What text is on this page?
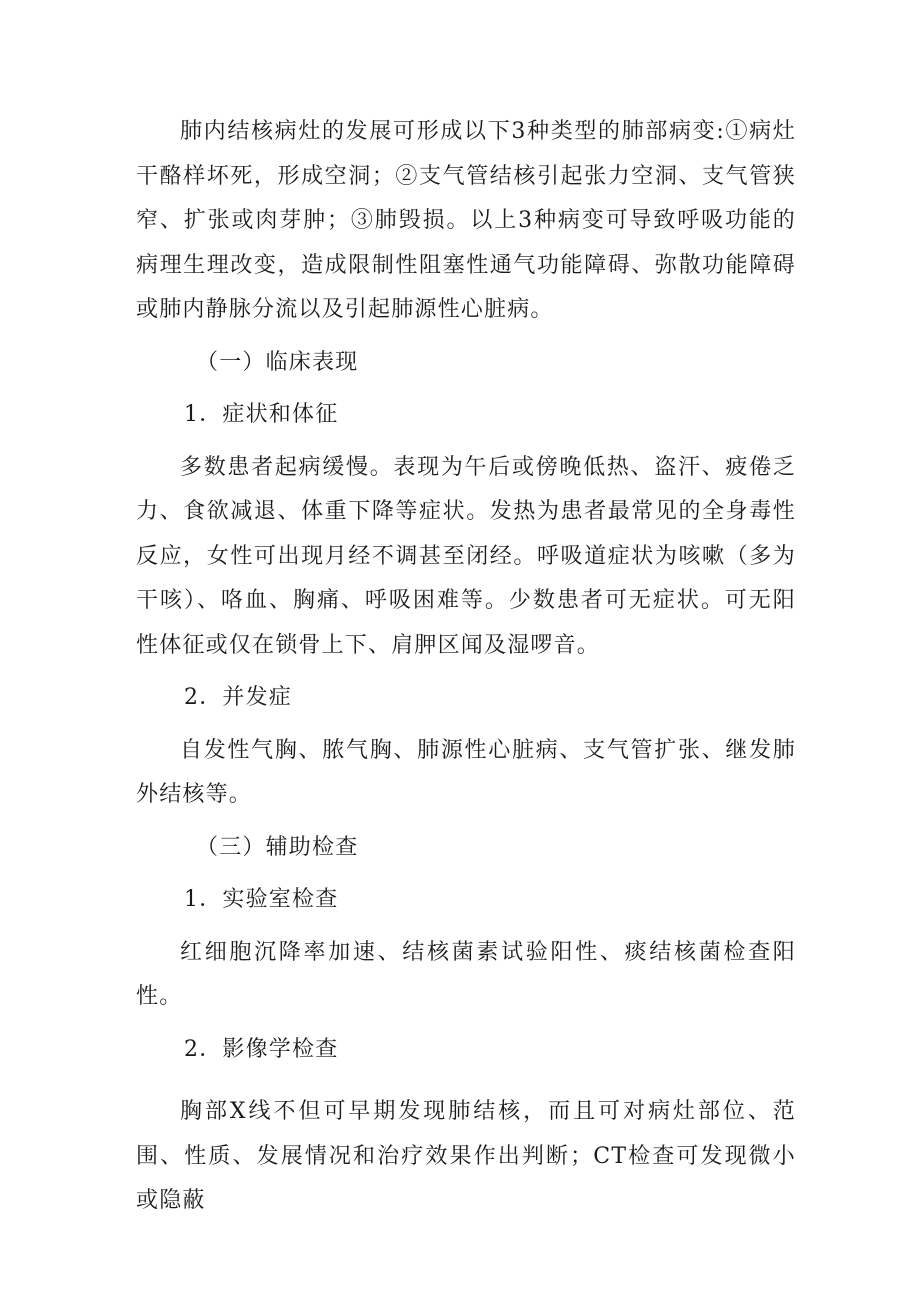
肺内结核病灶的发展可形成以下3种类型的肺部病变:①病灶干酪样坏死，形成空洞；②支气管结核引起张力空洞、支气管狭窄、扩张或肉芽肿；③肺毁损。以上3种病变可导致呼吸功能的病理生理改变，造成限制性阻塞性通气功能障碍、弥散功能障碍或肺内静脉分流以及引起肺源性心脏病。

（一）临床表现

1．症状和体征

多数患者起病缓慢。表现为午后或傍晚低热、盗汗、疲倦乏力、食欲减退、体重下降等症状。发热为患者最常见的全身毒性反应，女性可出现月经不调甚至闭经。呼吸道症状为咳嗽（多为干咳）、咯血、胸痛、呼吸困难等。少数患者可无症状。可无阳性体征或仅在锁骨上下、肩胛区闻及湿啰音。

2．并发症

自发性气胸、脓气胸、肺源性心脏病、支气管扩张、继发肺外结核等。

（三）辅助检查

1．实验室检查

红细胞沉降率加速、结核菌素试验阳性、痰结核菌检查阳性。

2．影像学检查

胸部X线不但可早期发现肺结核，而且可对病灶部位、范围、性质、发展情况和治疗效果作出判断；CT检查可发现微小或隐蔽
